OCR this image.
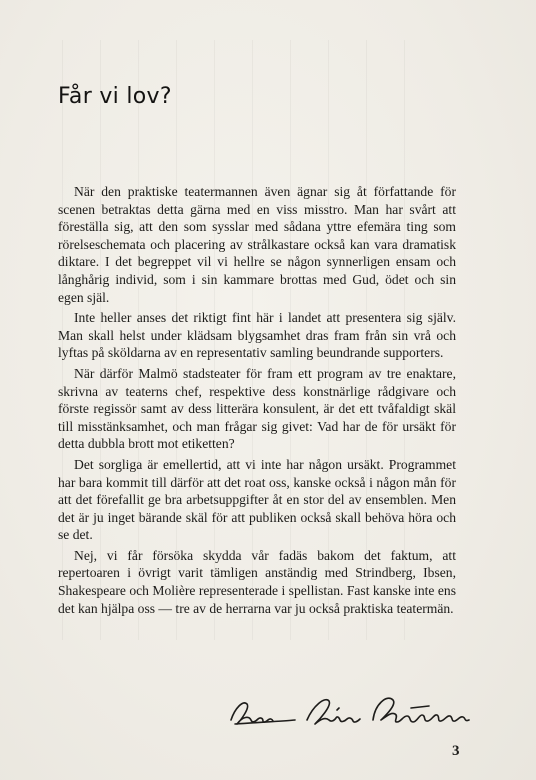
Får vi lov?

När den praktiske teatermannen även ägnar sig åt författande för scenen betraktas detta gärna med en viss misstro. Man har svårt att föreställa sig, att den som sysslar med sådana yttre efemära ting som rörelseschemata och placering av strålkastare också kan vara dramatisk diktare. I det begreppet vil vi hellre se någon synnerligen ensam och långhårig individ, som i sin kammare brottas med Gud, ödet och sin egen själ.

Inte heller anses det riktigt fint här i landet att presentera sig själv. Man skall helst under klädsam blygsamhet dras fram från sin vrå och lyftas på sköldarna av en representativ samling beundrande supporters.

När därför Malmö stadsteater för fram ett program av tre enaktare, skrivna av teaterns chef, respektive dess konstnärlige rådgivare och förste regissör samt av dess litterära konsulent, är det ett tvåfaldigt skäl till misstänksamhet, och man frågar sig givet: Vad har de för ursäkt för detta dubbla brott mot etiketten?

Det sorgliga är emellertid, att vi inte har någon ursäkt. Programmet har bara kommit till därför att det roat oss, kanske också i någon mån för att det förefallit ge bra arbetsuppgifter åt en stor del av ensemblen. Men det är ju inget bärande skäl för att publiken också skall behöva höra och se det.

Nej, vi får försöka skydda vår fadäs bakom det faktum, att repertoaren i övrigt varit tämligen anständig med Strindberg, Ibsen, Shakespeare och Molière representerade i spellistan. Fast kanske inte ens det kan hjälpa oss — tre av de herrarna var ju också praktiska teatermän.

3
